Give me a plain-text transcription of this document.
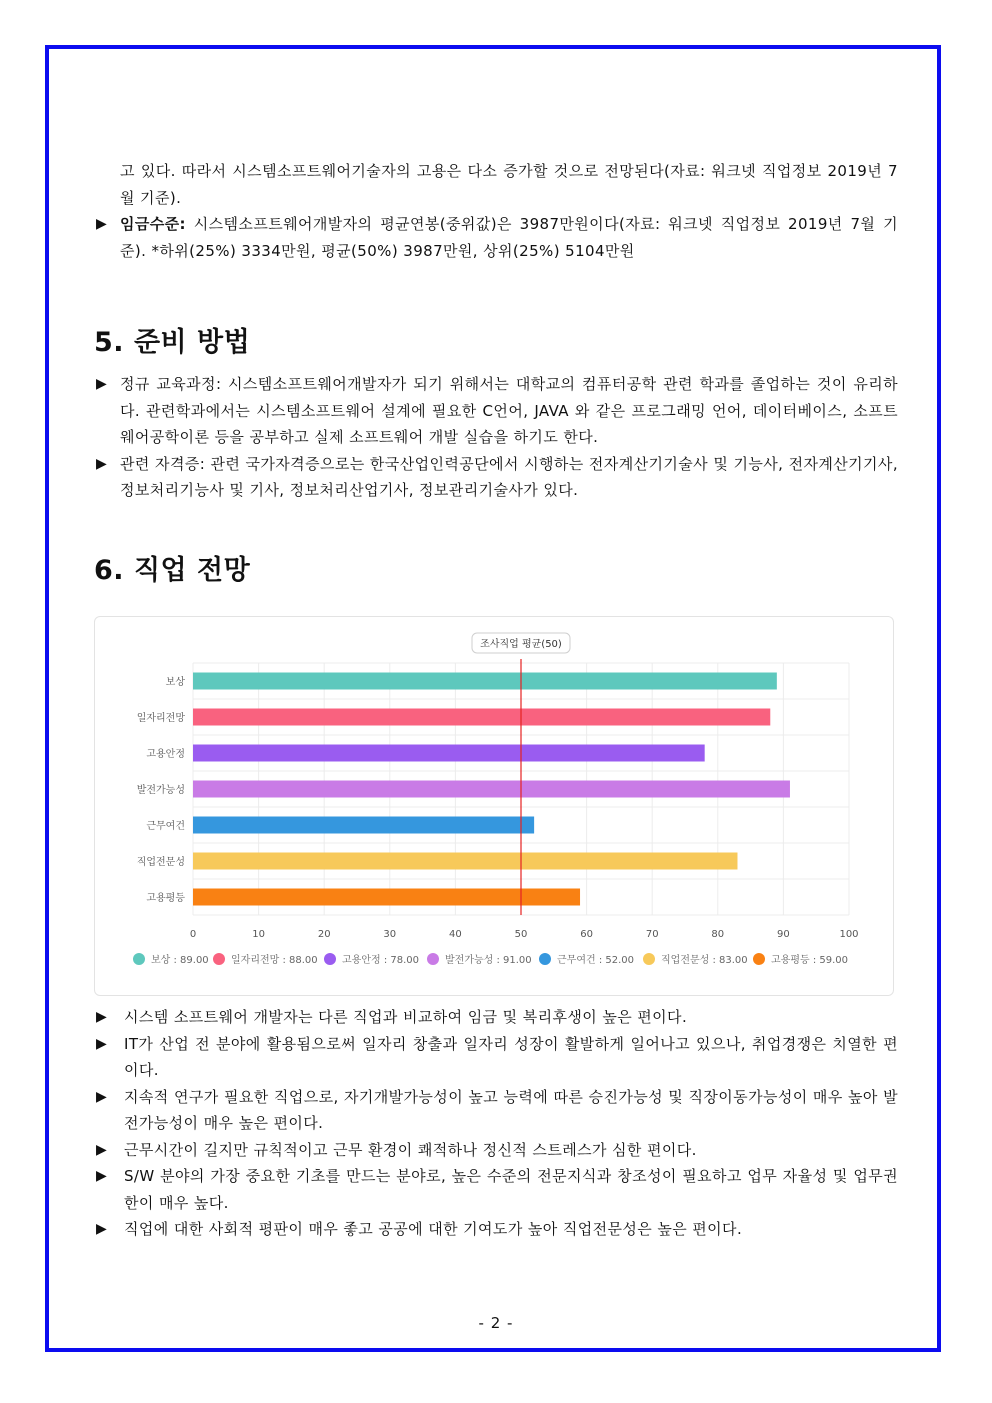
고 있다. 따라서 시스템소프트웨어기술자의 고용은 다소 증가할 것으로 전망된다(자료: 워크넷 직업정보 2019년 7월 기준).

▶ 임금수준: 시스템소프트웨어개발자의 평균연봉(중위값)은 3987만원이다(자료: 워크넷 직업정보 2019년 7월 기준). *하위(25%) 3334만원, 평균(50%) 3987만원, 상위(25%) 5104만원

5. 준비 방법

▶ 정규 교육과정: 시스템소프트웨어개발자가 되기 위해서는 대학교의 컴퓨터공학 관련 학과를 졸업하는 것이 유리하다. 관련학과에서는 시스템소프트웨어 설계에 필요한 C언어, JAVA 와 같은 프로그래밍 언어, 데이터베이스, 소프트웨어공학이론 등을 공부하고 실제 소프트웨어 개발 실습을 하기도 한다.

▶ 관련 자격증: 관련 국가자격증으로는 한국산업인력공단에서 시행하는 전자계산기기술사 및 기능사, 전자계산기기사, 정보처리기능사 및 기사, 정보처리산업기사, 정보관리기술사가 있다.

6. 직업 전망
0	10	20	30	40	50	60	70	80	90	100
보상
일자리전망
고용안정
발전가능성
근무여건
직업전문성
고용평등
조사직업 평균(50)
보상 : 89.00 일자리전망 : 88.00 고용안정 : 78.00	발전가능성 : 91.00	근무여건 : 52.00	직업전문성 : 83.00 고용평등 : 59.00

▶ 시스템 소프트웨어 개발자는 다른 직업과 비교하여 임금 및 복리후생이 높은 편이다.

▶ IT가 산업 전 분야에 활용됨으로써 일자리 창출과 일자리 성장이 활발하게 일어나고 있으나, 취업경쟁은 치열한 편이다.

▶ 지속적 연구가 필요한 직업으로, 자기개발가능성이 높고 능력에 따른 승진가능성 및 직장이동가능성이 매우 높아 발전가능성이 매우 높은 편이다.

▶ 근무시간이 길지만 규칙적이고 근무 환경이 쾌적하나 정신적 스트레스가 심한 편이다.

▶ S/W 분야의 가장 중요한 기초를 만드는 분야로, 높은 수준의 전문지식과 창조성이 필요하고 업무 자율성 및 업무권한이 매우 높다.

▶ 직업에 대한 사회적 평판이 매우 좋고 공공에 대한 기여도가 높아 직업전문성은 높은 편이다.

- 2 -
